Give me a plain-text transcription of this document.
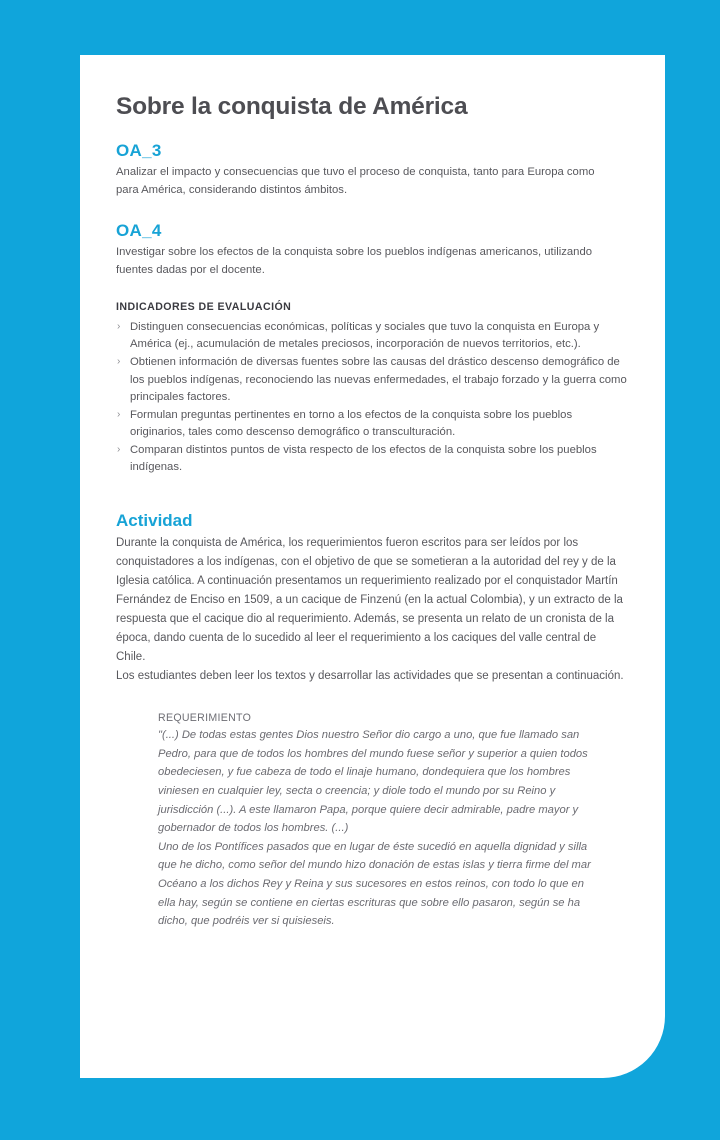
Sobre la conquista de América
OA_3

Analizar el impacto y consecuencias que tuvo el proceso de conquista, tanto para Europa como para América, considerando distintos ámbitos.

OA_4

Investigar sobre los efectos de la conquista sobre los pueblos indígenas americanos, utilizando fuentes dadas por el docente.

INDICADORES DE EVALUACIÓN
› Distinguen consecuencias económicas, políticas y sociales que tuvo la conquista en Europa y América (ej., acumulación de metales preciosos, incorporación de nuevos territorios, etc.).
› Obtienen información de diversas fuentes sobre las causas del drástico descenso demográfico de los pueblos indígenas, reconociendo las nuevas enfermedades, el trabajo forzado y la guerra como principales factores.
› Formulan preguntas pertinentes en torno a los efectos de la conquista sobre los pueblos originarios, tales como descenso demográfico o transculturación.
› Comparan distintos puntos de vista respecto de los efectos de la conquista sobre los pueblos indígenas.
Actividad

Durante la conquista de América, los requerimientos fueron escritos para ser leídos por los conquistadores a los indígenas, con el objetivo de que se sometieran a la autoridad del rey y de la Iglesia católica. A continuación presentamos un requerimiento realizado por el conquistador Martín Fernández de Enciso en 1509, a un cacique de Finzenú (en la actual Colombia), y un extracto de la respuesta que el cacique dio al requerimiento. Además, se presenta un relato de un cronista de la época, dando cuenta de lo sucedido al leer el requerimiento a los caciques del valle central de Chile.

Los estudiantes deben leer los textos y desarrollar las actividades que se presentan a continuación.

REQUERIMIENTO

"(...) De todas estas gentes Dios nuestro Señor dio cargo a uno, que fue llamado san Pedro, para que de todos los hombres del mundo fuese señor y superior a quien todos obedeciesen, y fue cabeza de todo el linaje humano, dondequiera que los hombres viniesen en cualquier ley, secta o creencia; y diole todo el mundo por su Reino y jurisdicción (...). A este llamaron Papa, porque quiere decir admirable, padre mayor y gobernador de todos los hombres. (...)

Uno de los Pontífices pasados que en lugar de éste sucedió en aquella dignidad y silla que he dicho, como señor del mundo hizo donación de estas islas y tierra firme del mar Océano a los dichos Rey y Reina y sus sucesores en estos reinos, con todo lo que en ella hay, según se contiene en ciertas escrituras que sobre ello pasaron, según se ha dicho, que podréis ver si quisieseis.
